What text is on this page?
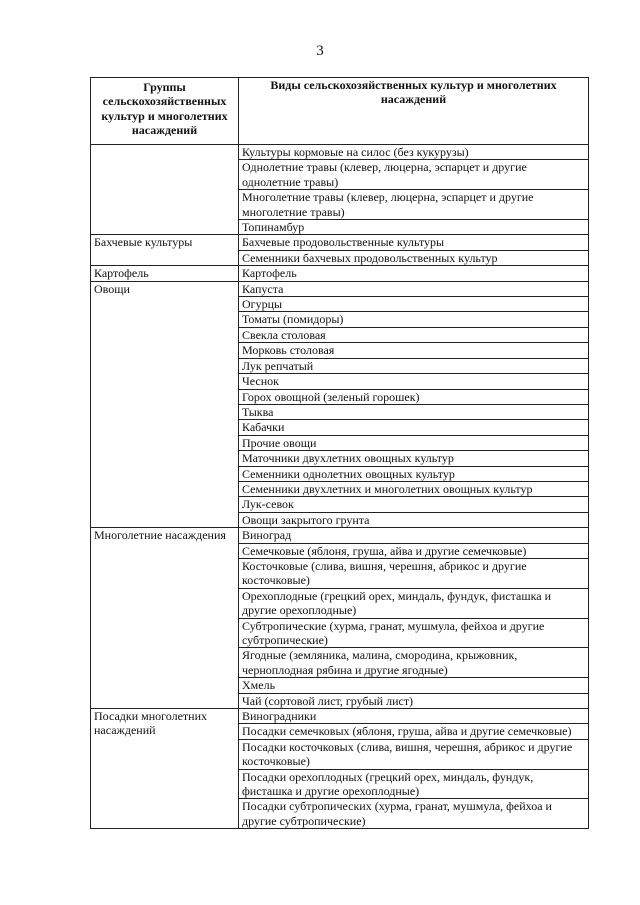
3
Группы сельскохозяйственных культур и многолетних насаждений	Виды сельскохозяйственных культур и многолетних насаждений
	Культуры кормовые на силос (без кукурузы)
	Однолетние травы (клевер, люцерна, эспарцет и другие однолетние травы)
	Многолетние травы (клевер, люцерна, эспарцет и другие многолетние травы)
	Топинамбур
Бахчевые культуры	Бахчевые продовольственные культуры
	Семенники бахчевых продовольственных культур
Картофель	Картофель
Овощи	Капуста
	Огурцы
	Томаты (помидоры)
	Свекла столовая
	Морковь столовая
	Лук репчатый
	Чеснок
	Горох овощной (зеленый горошек)
	Тыква
	Кабачки
	Прочие овощи
	Маточники двухлетних овощных культур
	Семенники однолетних овощных культур
	Семенники двухлетних и многолетних овощных культур
	Лук-севок
	Овощи закрытого грунта
Многолетние насаждения	Виноград
	Семечковые (яблоня, груша, айва и другие семечковые)
	Косточковые (слива, вишня, черешня, абрикос и другие косточковые)
	Орехоплодные (грецкий орех, миндаль, фундук, фисташка и другие орехоплодные)
	Субтропические (хурма, гранат, мушмула, фейхоа и другие субтропические)
	Ягодные (земляника, малина, смородина, крыжовник, черноплодная рябина и другие ягодные)
	Хмель
	Чай (сортовой лист, грубый лист)
Посадки многолетних насаждений	Виноградники
	Посадки семечковых (яблоня, груша, айва и другие семечковые)
	Посадки косточковых (слива, вишня, черешня, абрикос и другие косточковые)
	Посадки орехоплодных (грецкий орех, миндаль, фундук, фисташка и другие орехоплодные)
	Посадки субтропических (хурма, гранат, мушмула, фейхоа и другие субтропические)
